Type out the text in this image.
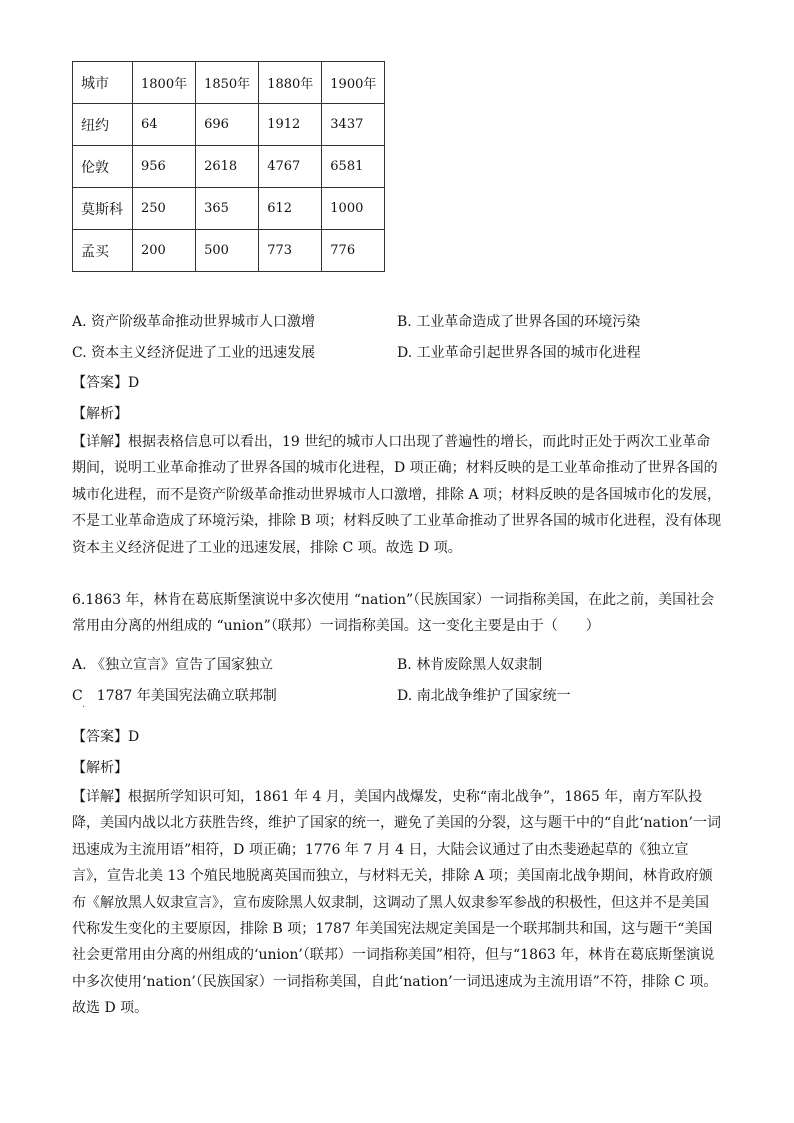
城市	1800年	1850年	1880年	1900年
纽约	64	696	1912	3437
伦敦	956	2618	4767	6581
莫斯科	250	365	612	1000
孟买	200	500	773	776
A. 资产阶级革命推动世界城市人口激增	B. 工业革命造成了世界各国的环境污染
C. 资本主义经济促进了工业的迅速发展	D. 工业革命引起世界各国的城市化进程
【答案】D
【解析】
【详解】根据表格信息可以看出，19 世纪的城市人口出现了普遍性的增长，而此时正处于两次工业革命期间，说明工业革命推动了世界各国的城市化进程，D 项正确；材料反映的是工业革命推动了世界各国的城市化进程，而不是资产阶级革命推动世界城市人口激增，排除 A 项；材料反映的是各国城市化的发展，不是工业革命造成了环境污染，排除 B 项；材料反映了工业革命推动了世界各国的城市化进程，没有体现资本主义经济促进了工业的迅速发展，排除 C 项。故选 D 项。
6.1863 年，林肯在葛底斯堡演说中多次使用 “nation”（民族国家）一词指称美国，在此之前，美国社会常用由分离的州组成的 “union”（联邦）一词指称美国。这一变化主要是由于（　　）
A. 《独立宣言》宣告了国家独立	B. 林肯废除黑人奴隶制
C　1787 年美国宪法确立联邦制	D. 南北战争维护了国家统一
·
【答案】D
【解析】
【详解】根据所学知识可知，1861 年 4 月，美国内战爆发，史称“南北战争”，1865 年，南方军队投降，美国内战以北方获胜告终，维护了国家的统一，避免了美国的分裂，这与题干中的“自此‘nation’一词迅速成为主流用语”相符，D 项正确；1776 年 7 月 4 日，大陆会议通过了由杰斐逊起草的《独立宣言》，宣告北美 13 个殖民地脱离英国而独立，与材料无关，排除 A 项；美国南北战争期间，林肯政府颁布《解放黑人奴隶宣言》，宣布废除黑人奴隶制，这调动了黑人奴隶参军参战的积极性，但这并不是美国代称发生变化的主要原因，排除 B 项；1787 年美国宪法规定美国是一个联邦制共和国，这与题干“美国社会更常用由分离的州组成的‘union’（联邦）一词指称美国”相符，但与“1863 年，林肯在葛底斯堡演说中多次使用‘nation’（民族国家）一词指称美国，自此‘nation’一词迅速成为主流用语”不符，排除 C 项。故选 D 项。
